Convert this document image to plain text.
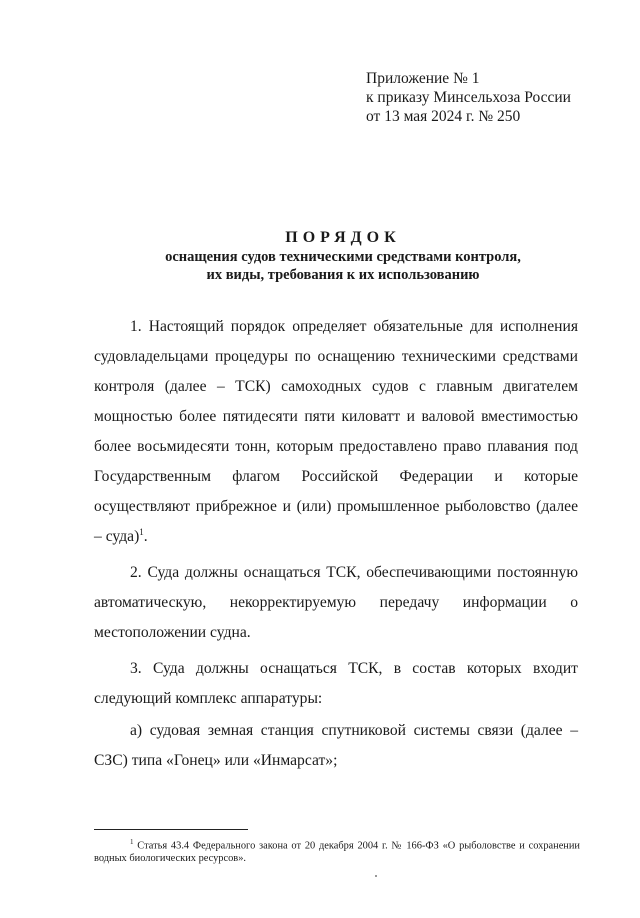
Приложение № 1
к приказу Минсельхоза России
от 13 мая 2024 г. № 250
ПОРЯДОК
оснащения судов техническими средствами контроля,
их виды, требования к их использованию

1. Настоящий порядок определяет обязательные для исполнения судовладельцами процедуры по оснащению техническими средствами контроля (далее – ТСК) самоходных судов с главным двигателем мощностью более пятидесяти пяти киловатт и валовой вместимостью более восьмидесяти тонн, которым предоставлено право плавания под Государственным флагом Российской Федерации и которые осуществляют прибрежное и (или) промышленное рыболовство (далее – суда)$^1$.

2. Суда должны оснащаться ТСК, обеспечивающими постоянную автоматическую, некорректируемую передачу информации о местоположении судна.

3. Суда должны оснащаться ТСК, в состав которых входит следующий комплекс аппаратуры:

а) судовая земная станция спутниковой системы связи (далее – СЗС) типа «Гонец» или «Инмарсат»;

$^1$ Статья 43.4 Федерального закона от 20 декабря 2004 г. № 166-ФЗ «О рыболовстве и сохранении водных биологических ресурсов».
